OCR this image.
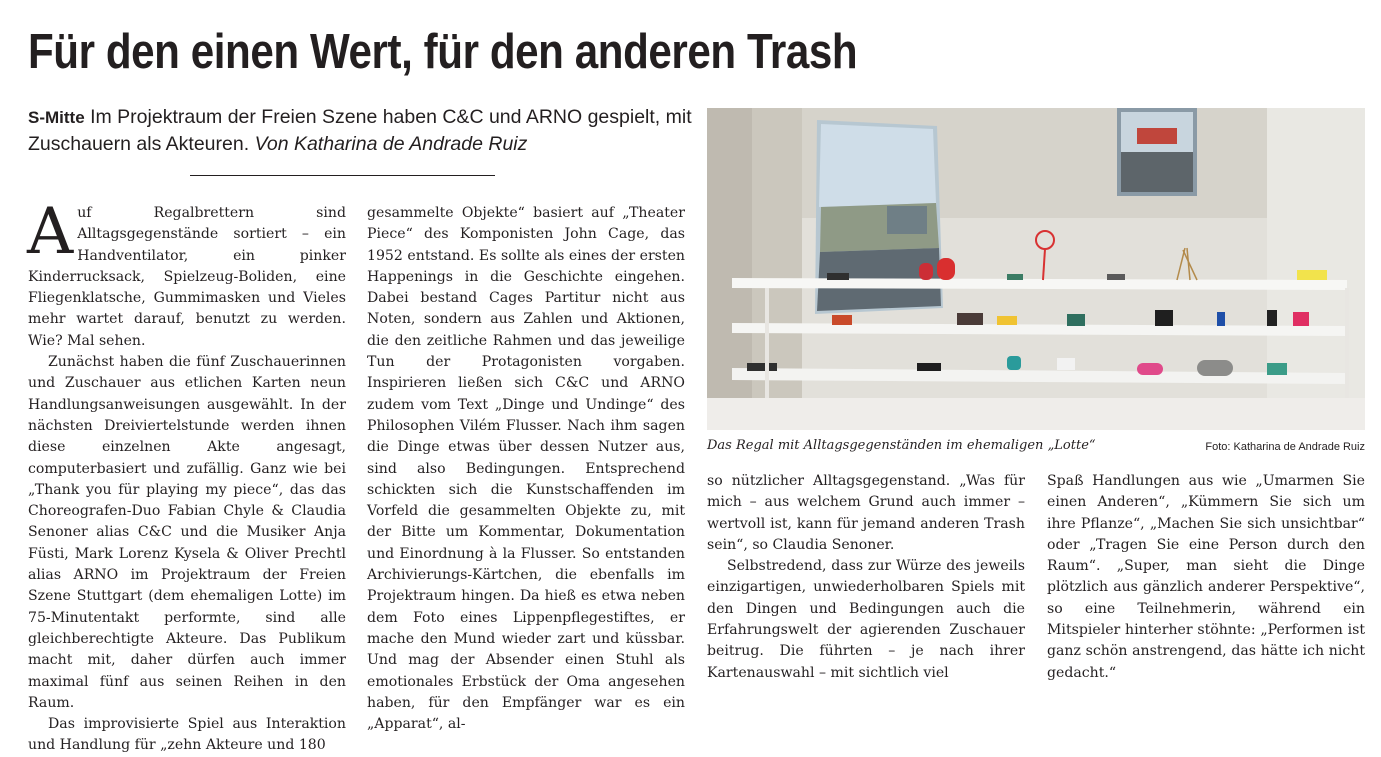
Für den einen Wert, für den anderen Trash
S-Mitte Im Projektraum der Freien Szene haben C&C und ARNO gespielt, mit Zuschauern als Akteuren. Von Katharina de Andrade Ruiz

Auf Regalbrettern sind Alltagsgegenstände sortiert – ein Handventilator, ein pinker Kinderrucksack, Spielzeug-Boliden, eine Fliegenklatsche, Gummimasken und Vieles mehr wartet darauf, benutzt zu werden. Wie? Mal sehen.

Zunächst haben die fünf Zuschauerinnen und Zuschauer aus etlichen Karten neun Handlungsanweisungen ausgewählt. In der nächsten Dreiviertelstunde werden ihnen diese einzelnen Akte angesagt, computerbasiert und zufällig. Ganz wie bei „Thank you für playing my piece“, das das Choreografen-Duo Fabian Chyle & Claudia Senoner alias C&C und die Musiker Anja Füsti, Mark Lorenz Kysela & Oliver Prechtl alias ARNO im Projektraum der Freien Szene Stuttgart (dem ehemaligen Lotte) im 75-Minutentakt performte, sind alle gleichberechtigte Akteure. Das Publikum macht mit, daher dürfen auch immer maximal fünf aus seinen Reihen in den Raum.

Das improvisierte Spiel aus Interaktion und Handlung für „zehn Akteure und 180

gesammelte Objekte“ basiert auf „Theater Piece“ des Komponisten John Cage, das 1952 entstand. Es sollte als eines der ersten Happenings in die Geschichte eingehen. Dabei bestand Cages Partitur nicht aus Noten, sondern aus Zahlen und Aktionen, die den zeitliche Rahmen und das jeweilige Tun der Protagonisten vorgaben. Inspirieren ließen sich C&C und ARNO zudem vom Text „Dinge und Undinge“ des Philosophen Vilém Flusser. Nach ihm sagen die Dinge etwas über dessen Nutzer aus, sind also Bedingungen. Entsprechend schickten sich die Kunstschaffenden im Vorfeld die gesammelten Objekte zu, mit der Bitte um Kommentar, Dokumentation und Einordnung à la Flusser. So entstanden Archivierungs-Kärtchen, die ebenfalls im Projektraum hingen. Da hieß es etwa neben dem Foto eines Lippenpflegestiftes, er mache den Mund wieder zart und küssbar. Und mag der Absender einen Stuhl als emotionales Erbstück der Oma angesehen haben, für den Empfänger war es ein „Apparat“, al-

Das Regal mit Alltagsgegenständen im ehemaligen „Lotte“	Foto: Katharina de Andrade Ruiz

so nützlicher Alltagsgegenstand. „Was für mich – aus welchem Grund auch immer – wertvoll ist, kann für jemand anderen Trash sein“, so Claudia Senoner.

Selbstredend, dass zur Würze des jeweils einzigartigen, unwiederholbaren Spiels mit den Dingen und Bedingungen auch die Erfahrungswelt der agierenden Zuschauer beitrug. Die führten – je nach ihrer Kartenauswahl – mit sichtlich viel

Spaß Handlungen aus wie „Umarmen Sie einen Anderen“, „Kümmern Sie sich um ihre Pflanze“, „Machen Sie sich unsichtbar“ oder „Tragen Sie eine Person durch den Raum“. „Super, man sieht die Dinge plötzlich aus gänzlich anderer Perspektive“, so eine Teilnehmerin, während ein Mitspieler hinterher stöhnte: „Performen ist ganz schön anstrengend, das hätte ich nicht gedacht.“
